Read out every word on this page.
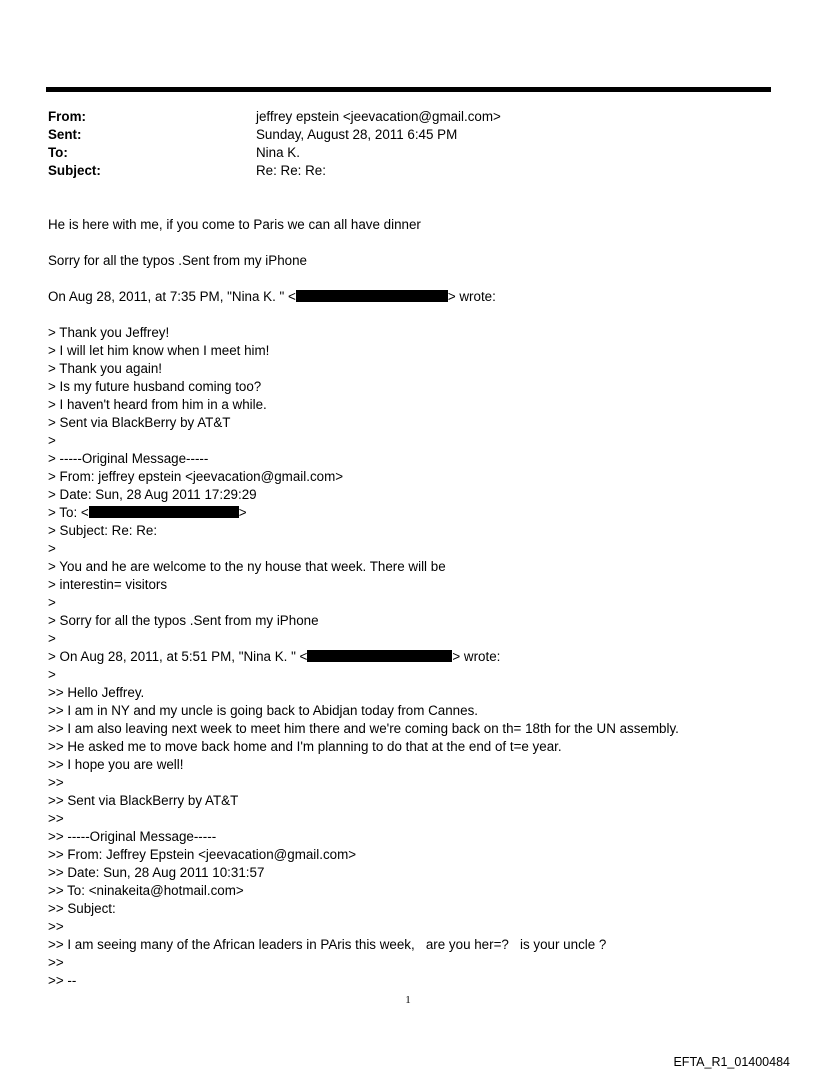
From:	jeffrey epstein <jeevacation@gmail.com>
Sent:	Sunday, August 28, 2011 6:45 PM
To:	Nina K.
Subject:	Re: Re: Re:
He is here with me, if you come to Paris we can all have dinner
Sorry for all the typos .Sent from my iPhone
On Aug 28, 2011, at 7:35 PM, "Nina K. " <	> wrote:
> Thank you Jeffrey!
> I will let him know when I meet him!
> Thank you again!
> Is my future husband coming too?
> I haven't heard from him in a while.
> Sent via BlackBerry by AT&T
>
> -----Original Message-----
> From: jeffrey epstein <jeevacation@gmail.com>
> Date: Sun, 28 Aug 2011 17:29:29
> To: <	>
> Subject: Re: Re:
>
> You and he are welcome to the ny house that week. There will be
> interestin= visitors
>
> Sorry for all the typos .Sent from my iPhone
>
> On Aug 28, 2011, at 5:51 PM, "Nina K. " <	> wrote:
>
>> Hello Jeffrey.
>> I am in NY and my uncle is going back to Abidjan today from Cannes.
>> I am also leaving next week to meet him there and we're coming back on th= 18th for the UN assembly.
>> He asked me to move back home and I'm planning to do that at the end of t=e year.
>> I hope you are well!
>>
>> Sent via BlackBerry by AT&T
>>
>> -----Original Message-----
>> From: Jeffrey Epstein <jeevacation@gmail.com>
>> Date: Sun, 28 Aug 2011 10:31:57
>> To: <ninakeita@hotmail.com>
>> Subject:
>>
>> I am seeing many of the African leaders in PAris this week,   are you her=?   is your uncle ?
>>
>> --
1
EFTA_R1_01400484
